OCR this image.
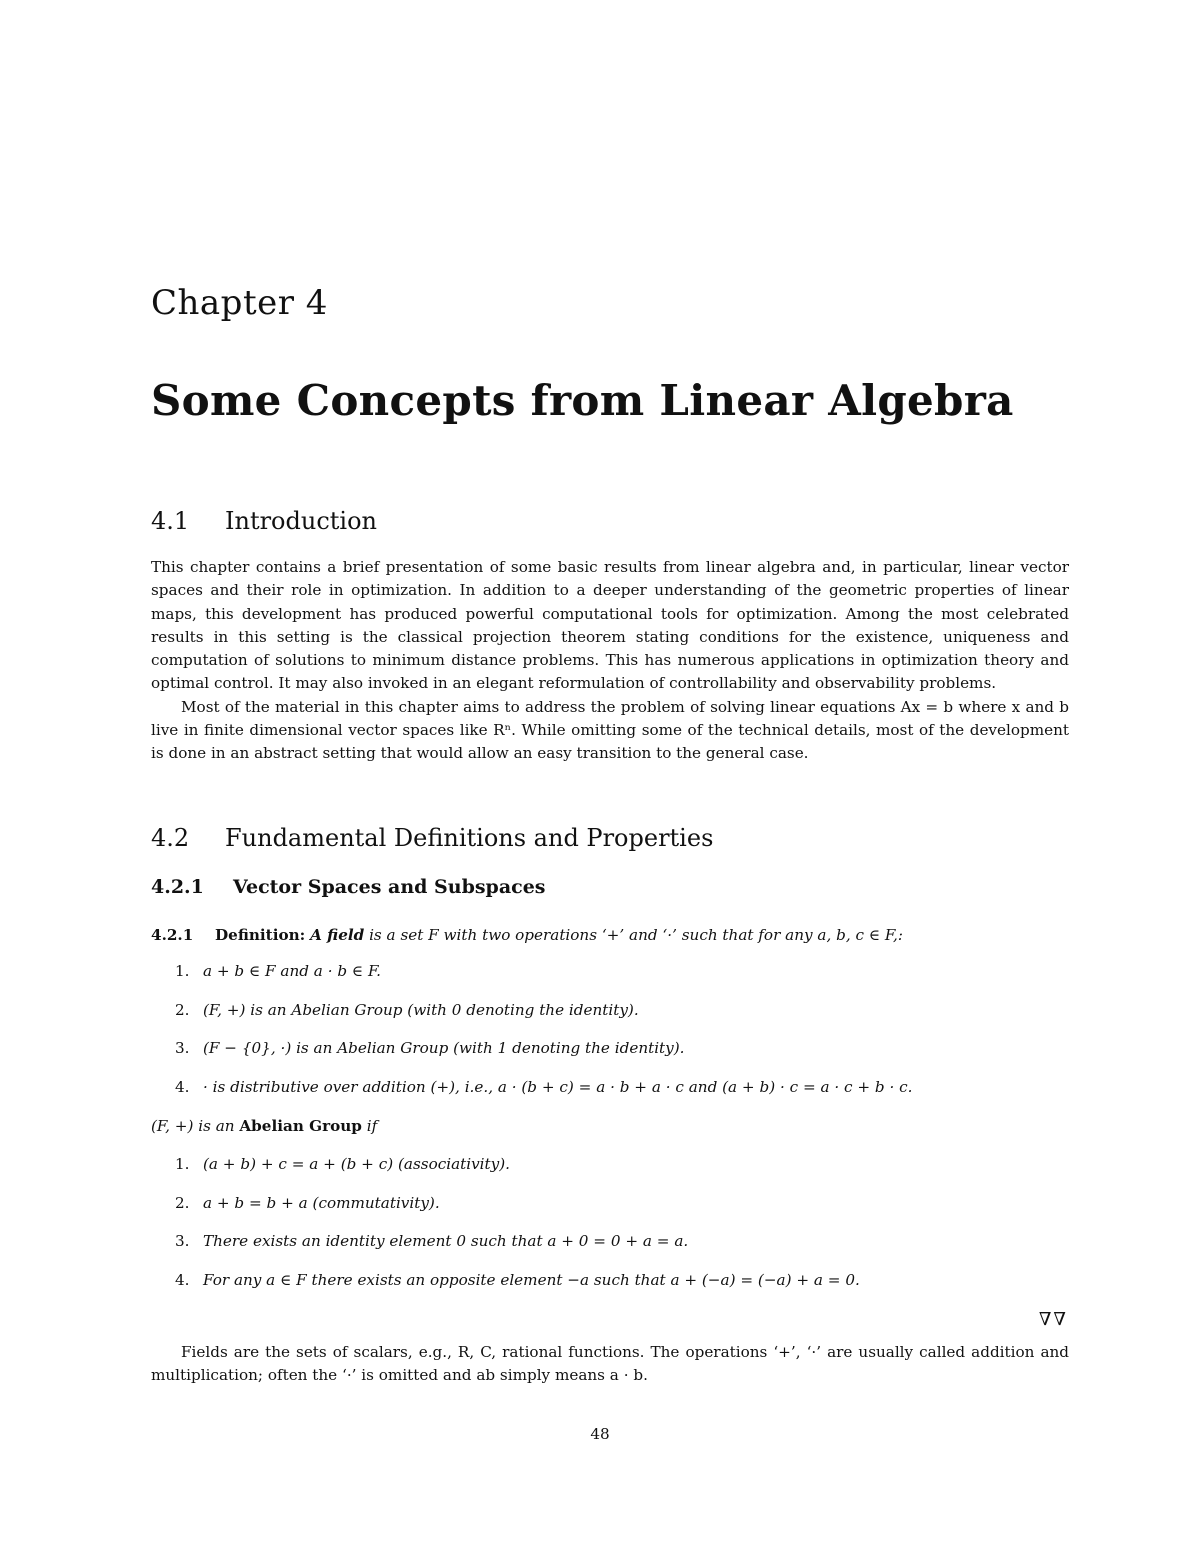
Chapter 4
Some Concepts from Linear Algebra
4.1 Introduction

This chapter contains a brief presentation of some basic results from linear algebra and, in particular, linear vector spaces and their role in optimization. In addition to a deeper understanding of the geometric properties of linear maps, this development has produced powerful computational tools for optimization. Among the most celebrated results in this setting is the classical projection theorem stating conditions for the existence, uniqueness and computation of solutions to minimum distance problems. This has numerous applications in optimization theory and optimal control. It may also invoked in an elegant reformulation of controllability and observability problems.

Most of the material in this chapter aims to address the problem of solving linear equations Ax = b where x and b live in finite dimensional vector spaces like Rⁿ. While omitting some of the technical details, most of the development is done in an abstract setting that would allow an easy transition to the general case.

4.2 Fundamental Definitions and Properties
4.2.1 Vector Spaces and Subspaces
4.2.1 Definition: A field is a set F with two operations ‘+’ and ‘·’ such that for any a, b, c ∈ F,:
1. a + b ∈ F and a · b ∈ F.
2. (F, +) is an Abelian Group (with 0 denoting the identity).
3. (F − {0}, ·) is an Abelian Group (with 1 denoting the identity).
4. · is distributive over addition (+), i.e., a · (b + c) = a · b + a · c and (a + b) · c = a · c + b · c.
(F, +) is an Abelian Group if
1. (a + b) + c = a + (b + c) (associativity).
2. a + b = b + a (commutativity).
3. There exists an identity element 0 such that a + 0 = 0 + a = a.
4. For any a ∈ F there exists an opposite element −a such that a + (−a) = (−a) + a = 0.
∇∇

Fields are the sets of scalars, e.g., R, C, rational functions. The operations ‘+’, ‘·’ are usually called addition and multiplication; often the ‘·’ is omitted and ab simply means a · b.

48
